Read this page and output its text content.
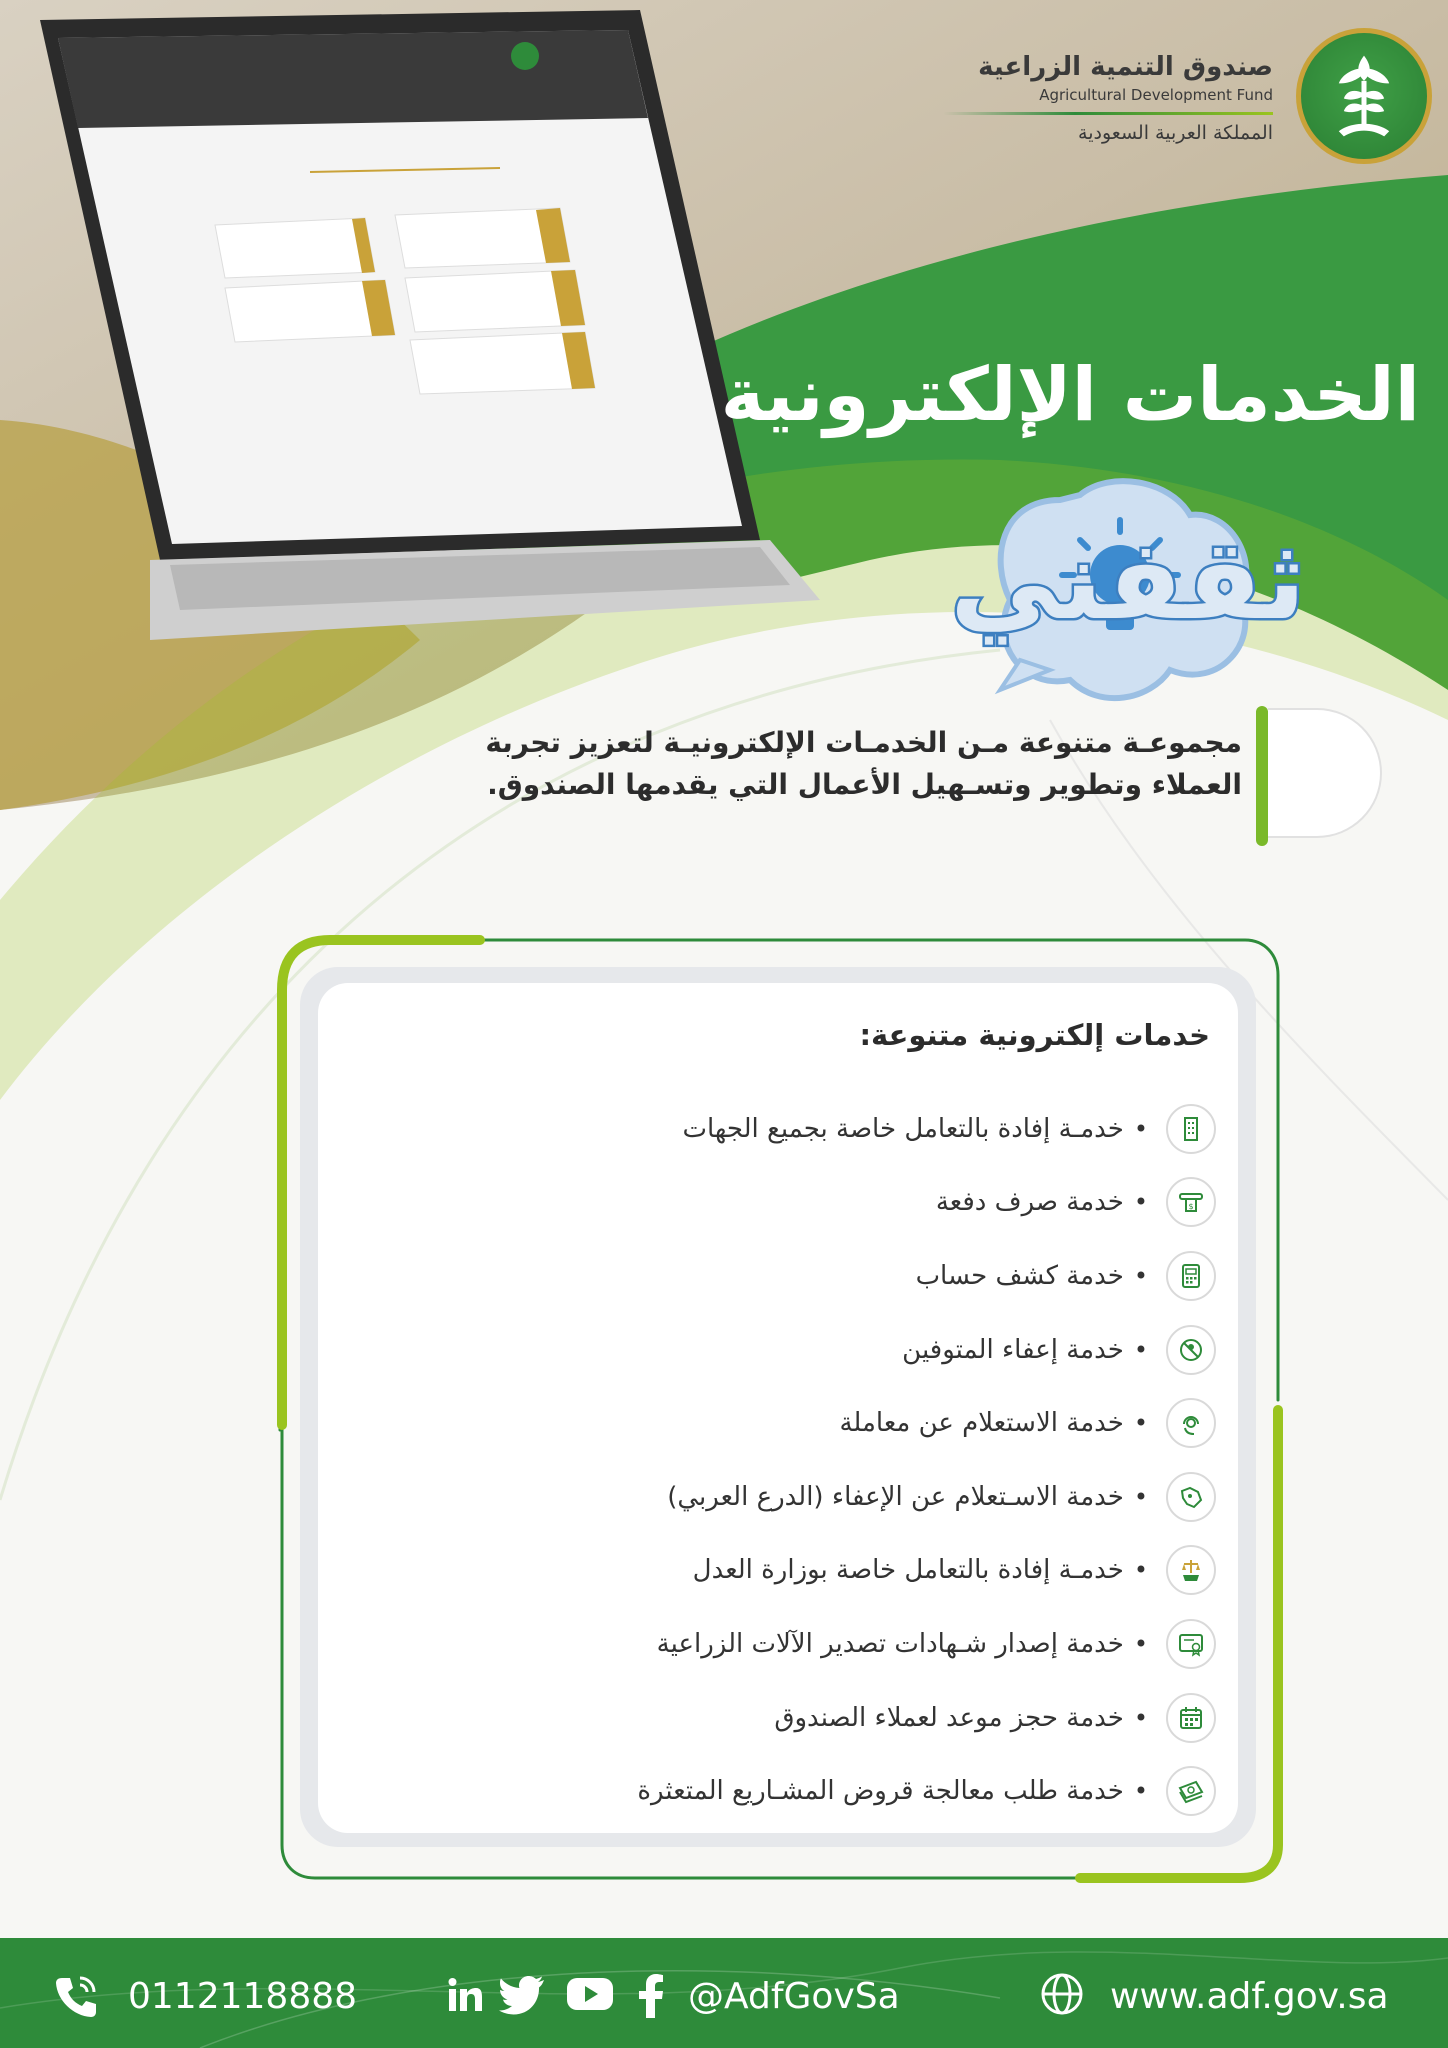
صندوق التنمية الزراعية
Agricultural Development Fund
المملكة العربية السعودية
الخدمات الإلكترونية
ثقفني

مجموعـة متنوعة مـن الخدمـات الإلكترونيـة لتعزيز تجربة العملاء وتطوير وتسـهيل الأعمال التي يقدمها الصندوق.

خدمات إلكترونية متنوعة:
•
خدمـة إفادة بالتعامل خاصة بجميع الجهات
$
•
خدمة صرف دفعة
•
خدمة كشف حساب
•
خدمة إعفاء المتوفين
•
خدمة الاستعلام عن معاملة
•
خدمة الاسـتعلام عن الإعفاء (الدرع العربي)
•
خدمـة إفادة بالتعامل خاصة بوزارة العدل
•
خدمة إصدار شـهادات تصدير الآلات الزراعية
•
خدمة حجز موعد لعملاء الصندوق
•
خدمة طلب معالجة قروض المشـاريع المتعثرة
0112118888	@AdfGovSa	www.adf.gov.sa
